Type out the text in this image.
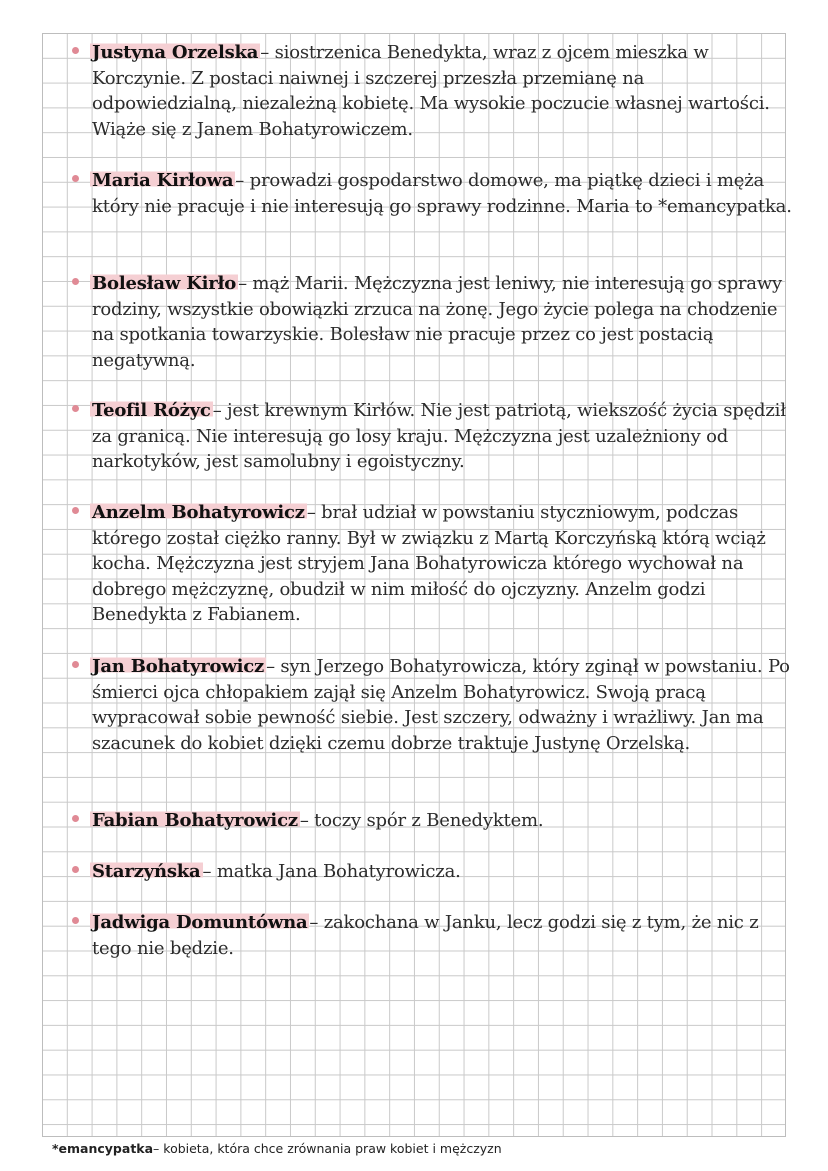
Justyna Orzelska – siostrzenica Benedykta, wraz z ojcem mieszka w Korczynie. Z postaci naiwnej i szczerej przeszła przemianę na odpowiedzialną, niezależną kobietę. Ma wysokie poczucie własnej wartości. Wiąże się z Janem Bohatyrowiczem.
Maria Kirłowa – prowadzi gospodarstwo domowe, ma piątkę dzieci i męża który nie pracuje i nie interesują go sprawy rodzinne. Maria to *emancypatka.
Bolesław Kirło – mąż Marii. Mężczyzna jest leniwy, nie interesują go sprawy rodziny, wszystkie obowiązki zrzuca na żonę. Jego życie polega na chodzenie na spotkania towarzyskie. Bolesław nie pracuje przez co jest postacią negatywną.
Teofil Różyc – jest krewnym Kirłów. Nie jest patriotą, wiekszość życia spędził za granicą. Nie interesują go losy kraju. Mężczyzna jest uzależniony od narkotyków, jest samolubny i egoistyczny.
Anzelm Bohatyrowicz – brał udział w powstaniu styczniowym, podczas którego został ciężko ranny. Był w związku z Martą Korczyńską którą wciąż kocha. Mężczyzna jest stryjem Jana Bohatyrowicza którego wychował na dobrego mężczyznę, obudził w nim miłość do ojczyzny. Anzelm godzi Benedykta z Fabianem.
Jan Bohatyrowicz – syn Jerzego Bohatyrowicza, który zginął w powstaniu. Po śmierci ojca chłopakiem zajął się Anzelm Bohatyrowicz. Swoją pracą wypracował sobie pewność siebie. Jest szczery, odważny i wrażliwy. Jan ma szacunek do kobiet dzięki czemu dobrze traktuje Justynę Orzelską.
Fabian Bohatyrowicz – toczy spór z Benedyktem.
Starzyńska – matka Jana Bohatyrowicza.
Jadwiga Domuntówna – zakochana w Janku, lecz godzi się z tym, że nic z tego nie będzie.
*emancypatka– kobieta, która chce zrównania praw kobiet i mężczyzn
